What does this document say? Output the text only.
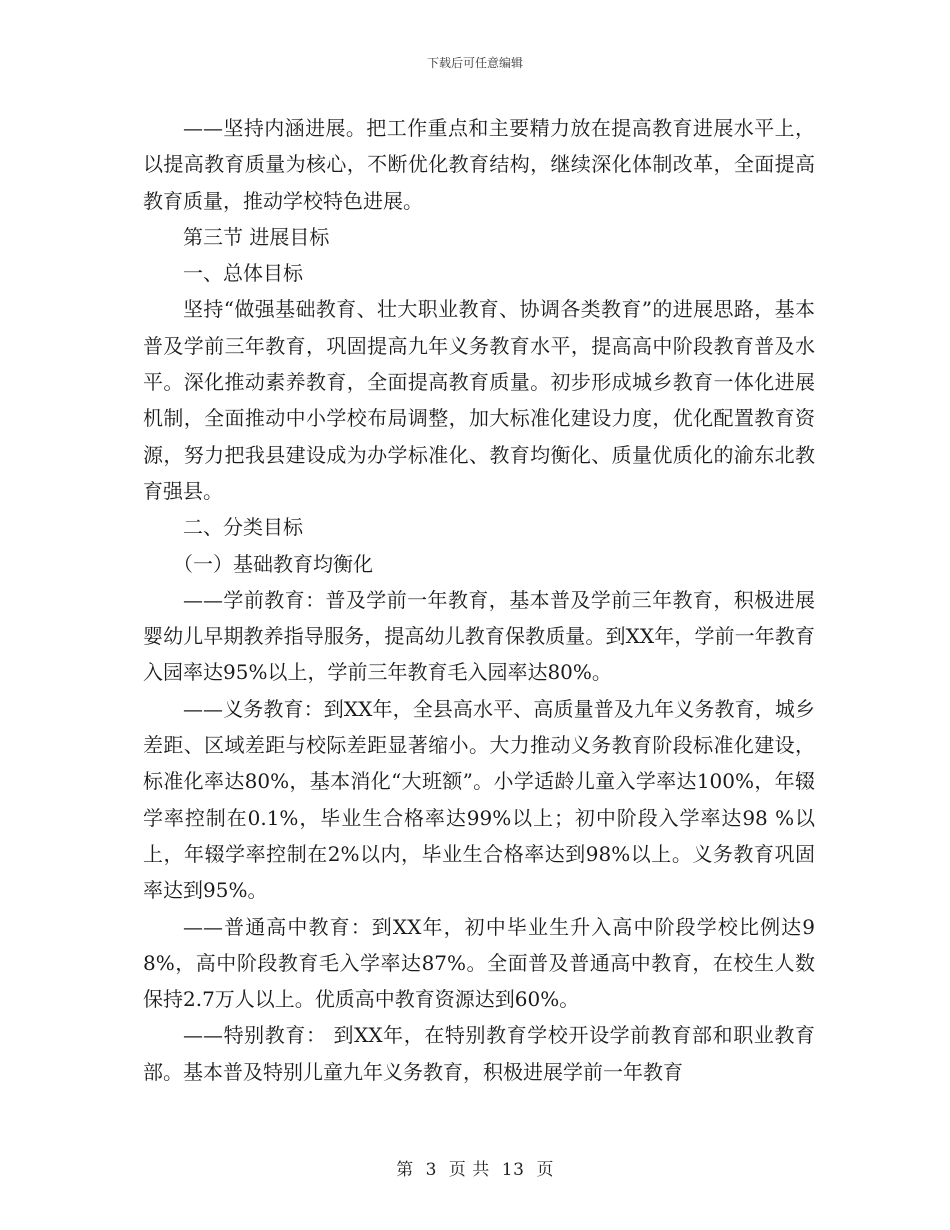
下载后可任意编辑

——坚持内涵进展。把工作重点和主要精力放在提高教育进展水平上，以提高教育质量为核心，不断优化教育结构，继续深化体制改革，全面提高教育质量，推动学校特色进展。

第三节 进展目标

一、总体目标

坚持“做强基础教育、壮大职业教育、协调各类教育”的进展思路，基本普及学前三年教育，巩固提高九年义务教育水平，提高高中阶段教育普及水平。深化推动素养教育，全面提高教育质量。初步形成城乡教育一体化进展机制，全面推动中小学校布局调整，加大标准化建设力度，优化配置教育资源，努力把我县建设成为办学标准化、教育均衡化、质量优质化的渝东北教育强县。

二、分类目标

（一）基础教育均衡化

——学前教育：普及学前一年教育，基本普及学前三年教育，积极进展婴幼儿早期教养指导服务，提高幼儿教育保教质量。到XX年，学前一年教育入园率达95%以上，学前三年教育毛入园率达80%。

——义务教育：到XX年，全县高水平、高质量普及九年义务教育，城乡差距、区域差距与校际差距显著缩小。大力推动义务教育阶段标准化建设，标准化率达80%，基本消化“大班额”。小学适龄儿童入学率达100%，年辍学率控制在0.1%，毕业生合格率达99%以上；初中阶段入学率达98 %以上，年辍学率控制在2%以内，毕业生合格率达到98%以上。义务教育巩固率达到95%。

——普通高中教育：到XX年，初中毕业生升入高中阶段学校比例达98%，高中阶段教育毛入学率达87%。全面普及普通高中教育，在校生人数保持2.7万人以上。优质高中教育资源达到60%。

——特别教育： 到XX年，在特别教育学校开设学前教育部和职业教育部。基本普及特别儿童九年义务教育，积极进展学前一年教育

第 3 页 共 13 页
